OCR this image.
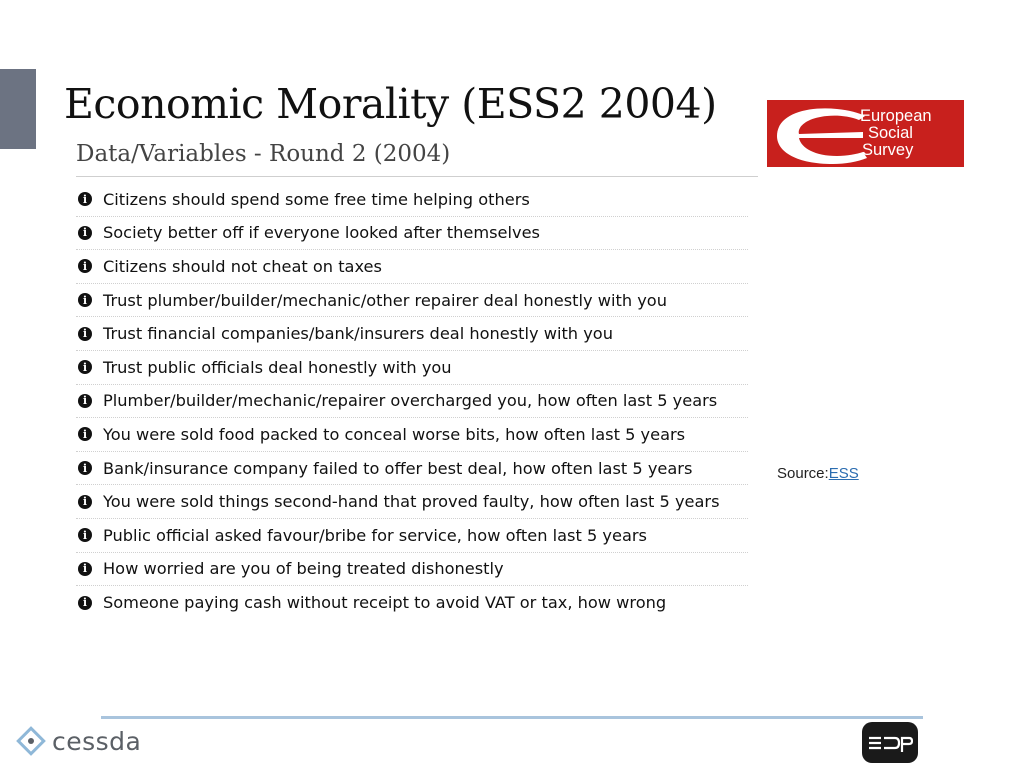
Economic Morality (ESS2 2004)
Data/Variables - Round 2 (2004)
i Citizens should spend some free time helping others
i Society better off if everyone looked after themselves
i Citizens should not cheat on taxes
i Trust plumber/builder/mechanic/other repairer deal honestly with you
i Trust financial companies/bank/insurers deal honestly with you
i Trust public officials deal honestly with you
i Plumber/builder/mechanic/repairer overcharged you, how often last 5 years
i You were sold food packed to conceal worse bits, how often last 5 years
i Bank/insurance company failed to offer best deal, how often last 5 years
i You were sold things second-hand that proved faulty, how often last 5 years
i Public official asked favour/bribe for service, how often last 5 years
i How worried are you of being treated dishonestly
i Someone paying cash without receipt to avoid VAT or tax, how wrong
European
Social
Survey
Source:ESS
cessda
